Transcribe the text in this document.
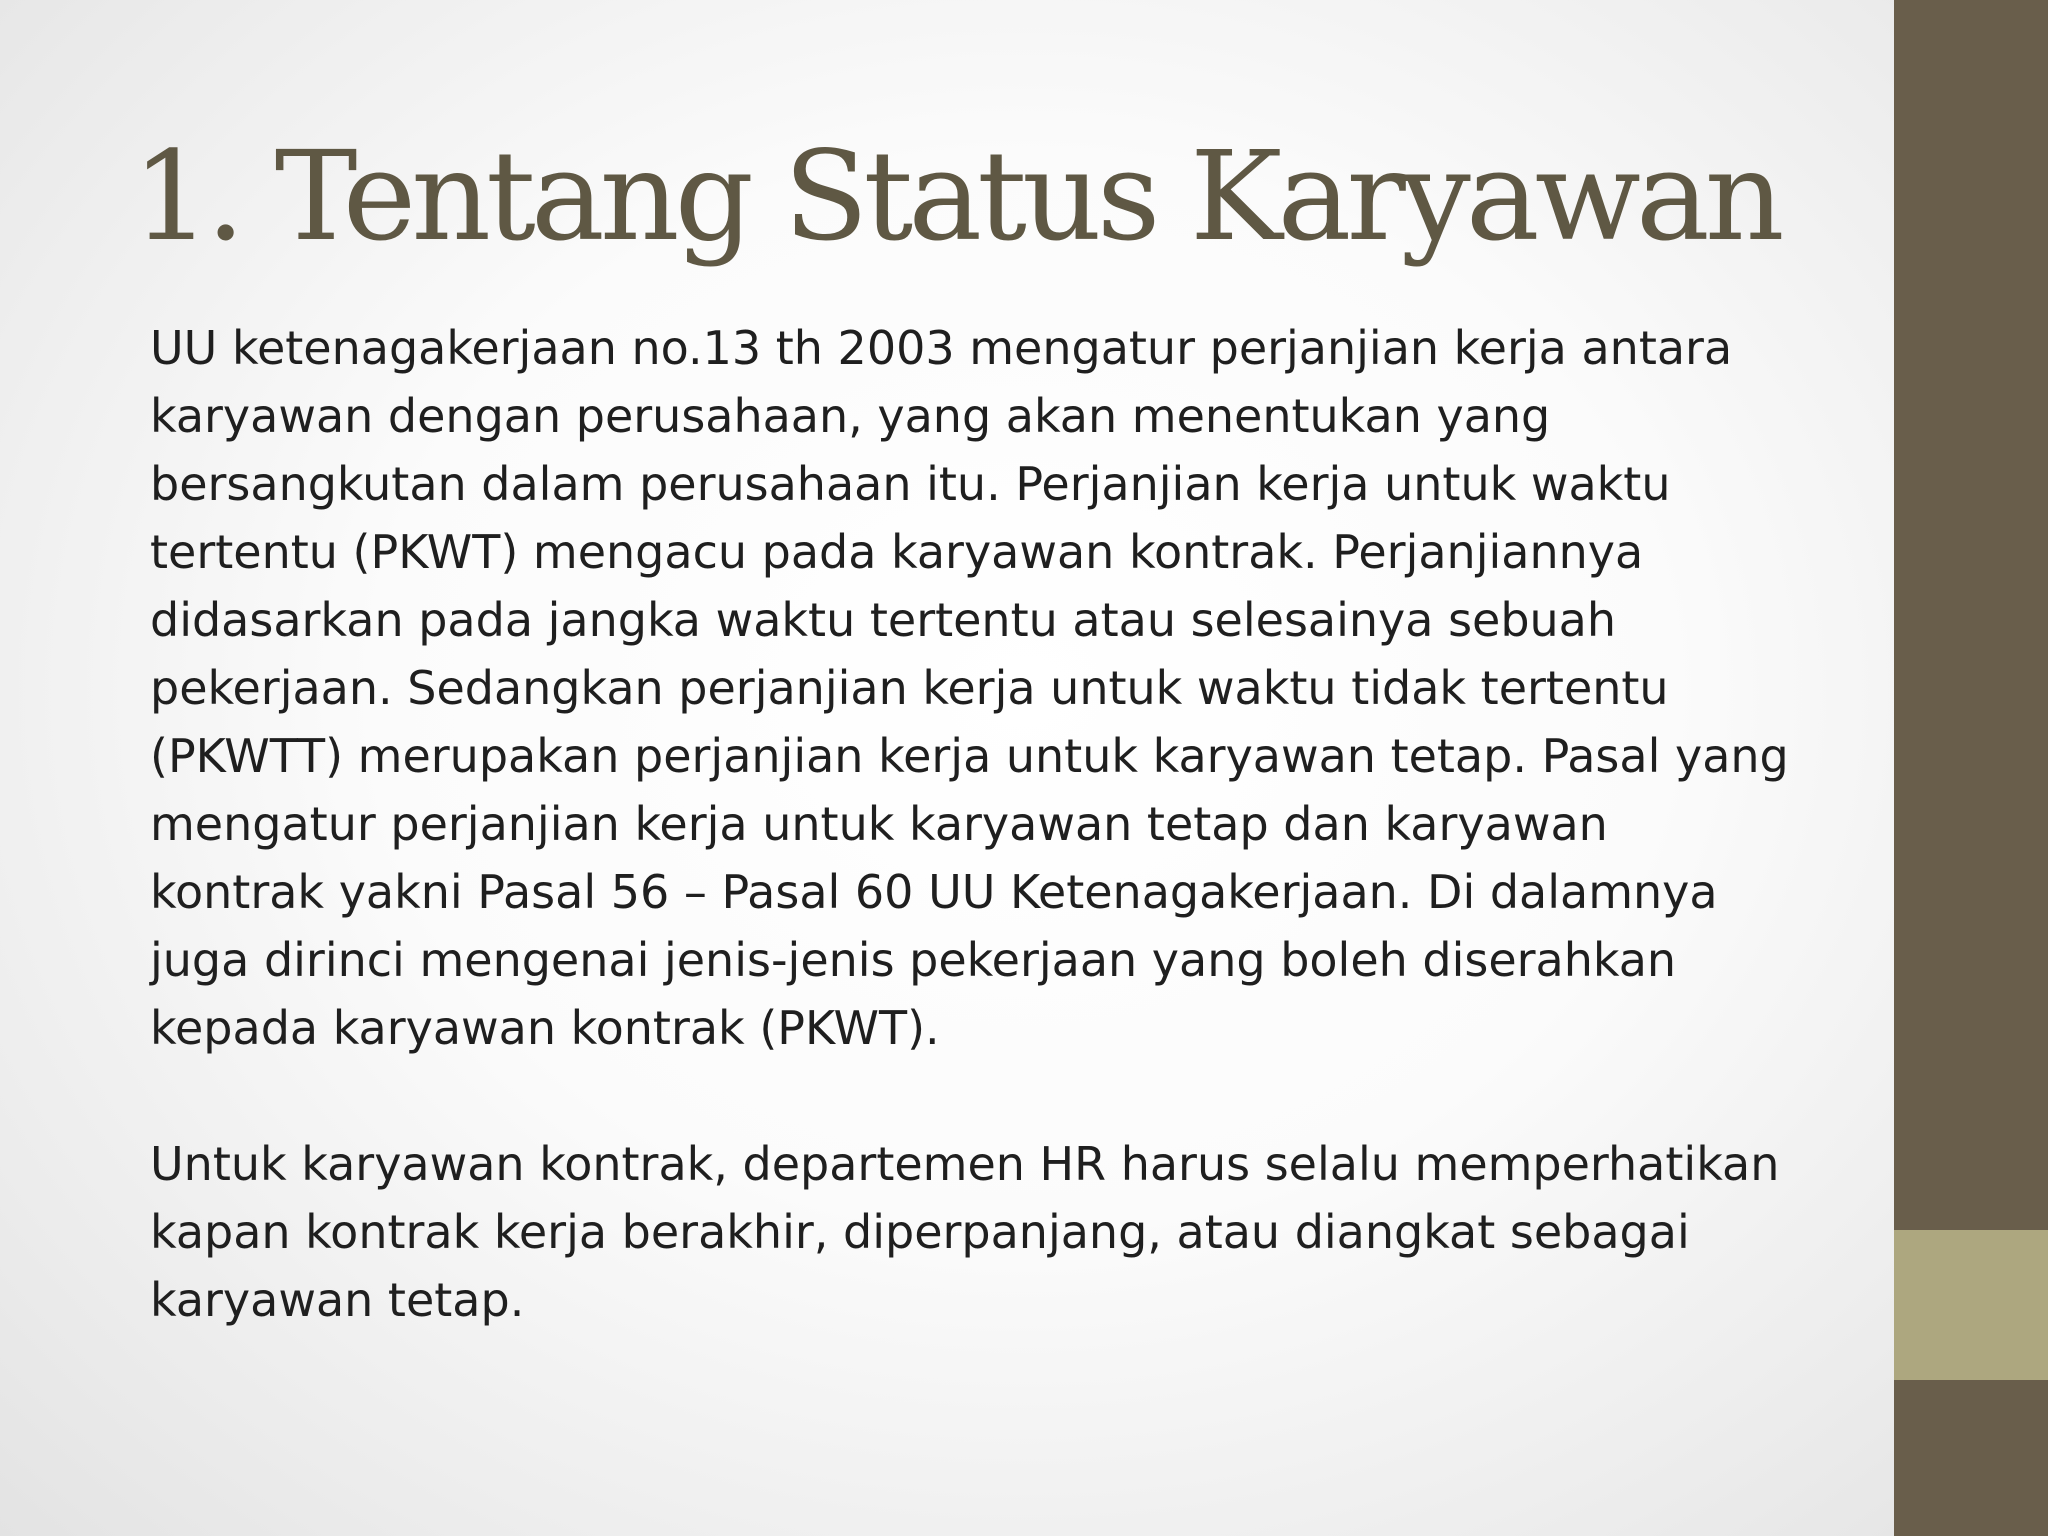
1. Tentang Status Karyawan

UU ketenagakerjaan no.13 th 2003 mengatur perjanjian kerja antara karyawan dengan perusahaan, yang akan menentukan yang bersangkutan dalam perusahaan itu. Perjanjian kerja untuk waktu tertentu (PKWT) mengacu pada karyawan kontrak. Perjanjiannya didasarkan pada jangka waktu tertentu atau selesainya sebuah pekerjaan. Sedangkan perjanjian kerja untuk waktu tidak tertentu (PKWTT) merupakan perjanjian kerja untuk karyawan tetap. Pasal yang mengatur perjanjian kerja untuk karyawan tetap dan karyawan kontrak yakni Pasal 56 – Pasal 60 UU Ketenagakerjaan. Di dalamnya juga dirinci mengenai jenis-jenis pekerjaan yang boleh diserahkan kepada karyawan kontrak (PKWT).

Untuk karyawan kontrak, departemen HR harus selalu memperhatikan kapan kontrak kerja berakhir, diperpanjang, atau diangkat sebagai karyawan tetap.
